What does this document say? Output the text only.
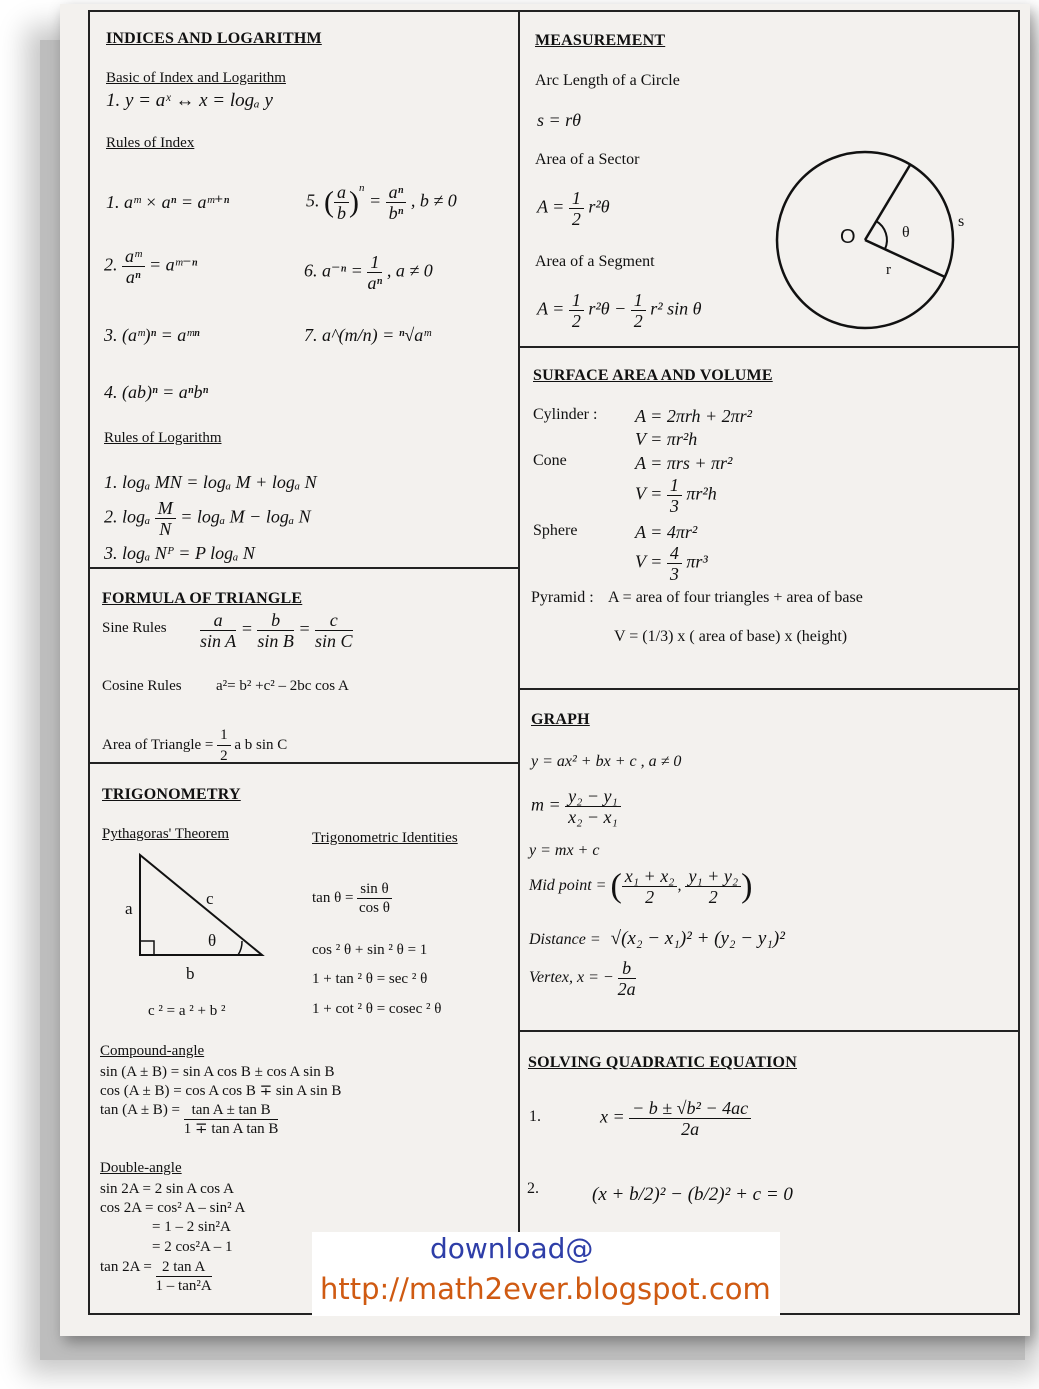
INDICES AND LOGARITHM
Basic of Index and Logarithm
1. y = aˣ ↔ x = logₐ y
Rules of Index
1. aᵐ × aⁿ = aᵐ⁺ⁿ
2. $\frac{\text{aᵐ}}{\text{aⁿ}}$ = aᵐ⁻ⁿ
3. (aᵐ)ⁿ = aᵐⁿ
4. (ab)ⁿ = aⁿbⁿ
5. ( $\frac{a}{b} )^n = \frac{\text{aⁿ}}{\text{bⁿ}}$ , b ≠ 0
6. $a^{-n} = \frac{1}{\text{aⁿ}}$ , a ≠ 0
7. a^(m/n) = ⁿ√aᵐ
Rules of Logarithm
1. logₐ MN = logₐ M + logₐ N
2. logₐ $\frac{M}{N} = \log_a$ M − logₐ N
3. logₐ Nᴾ = P logₐ N
FORMULA OF TRIANGLE
Sine Rules $\frac{a}{\text{sin A}} = \frac{b}{\text{sin B}} = \frac{c}{\text{sin C}}$
Cosine Rules a²= b² +c² – 2bc cos A
Area of Triangle = $\frac{1}{2}$ a b sin C
TRIGONOMETRY
Pythagoras' Theorem	Trigonometric Identities
a
c
θ
b
c ² = a ² + b ²
$\tan \theta = \frac{\text{sin θ}}{\text{cos θ}}$
cos ² θ + sin ² θ = 1
1 + tan ² θ = sec ² θ
1 + cot ² θ = cosec ² θ
Compound-angle
sin (A ± B) = sin A cos B ± cos A sin B
cos (A ± B) = cos A cos B ∓ sin A sin B
$\tan (A \pm B) = \frac{\text{tan A ± tan B}}{\text{1 ∓ tan A tan B}}$
Double-angle
sin 2A = 2 sin A cos A
cos 2A = cos² A – sin² A
= 1 – 2 sin²A
= 2 cos²A – 1
$\tan 2A = \frac{\text{2 tan A}}{\text{1 – tan²A}}$
MEASUREMENT
Arc Length of a Circle
s = rθ
Area of a Sector
$A = \frac{1}{2} r^2\theta$
Area of a Segment
$A = \frac{1}{2} r^2\theta - \frac{1}{2} r^2$ sin θ
O	θ
s
r
SURFACE AREA AND VOLUME
Cylinder : A = 2πrh + 2πr²
V = πr²h
Cone	A = πrs + πr²
$V = \frac{1}{3} \pi r^2h$
Sphere	A = 4πr²
$V = \frac{4}{3} \pi r^3$
Pyramid : A = area of four triangles + area of base
V = (1/3) x ( area of base) x (height)
GRAPH
y = ax² + bx + c , a ≠ 0
$m = \frac{\text{y₂ − y₁}}{\text{x₂ − x₁}}$
y = mx + c
Mid point = ( $\frac{\text{x₁ + x₂}}{2}$ , $\frac{\text{y₁ + y₂}}{2}$ )
Distance = √(x₂ − x₁)² + (y₂ − y₁)²
Vertex, x = − $\frac{b}{2a}$
SOLVING QUADRATIC EQUATION
1.	$x = \frac{\text{− b ± √b² − 4ac}}{2a}$
2.	(x + b/2)² − (b/2)² + c = 0
download@
http://math2ever.blogspot.com
